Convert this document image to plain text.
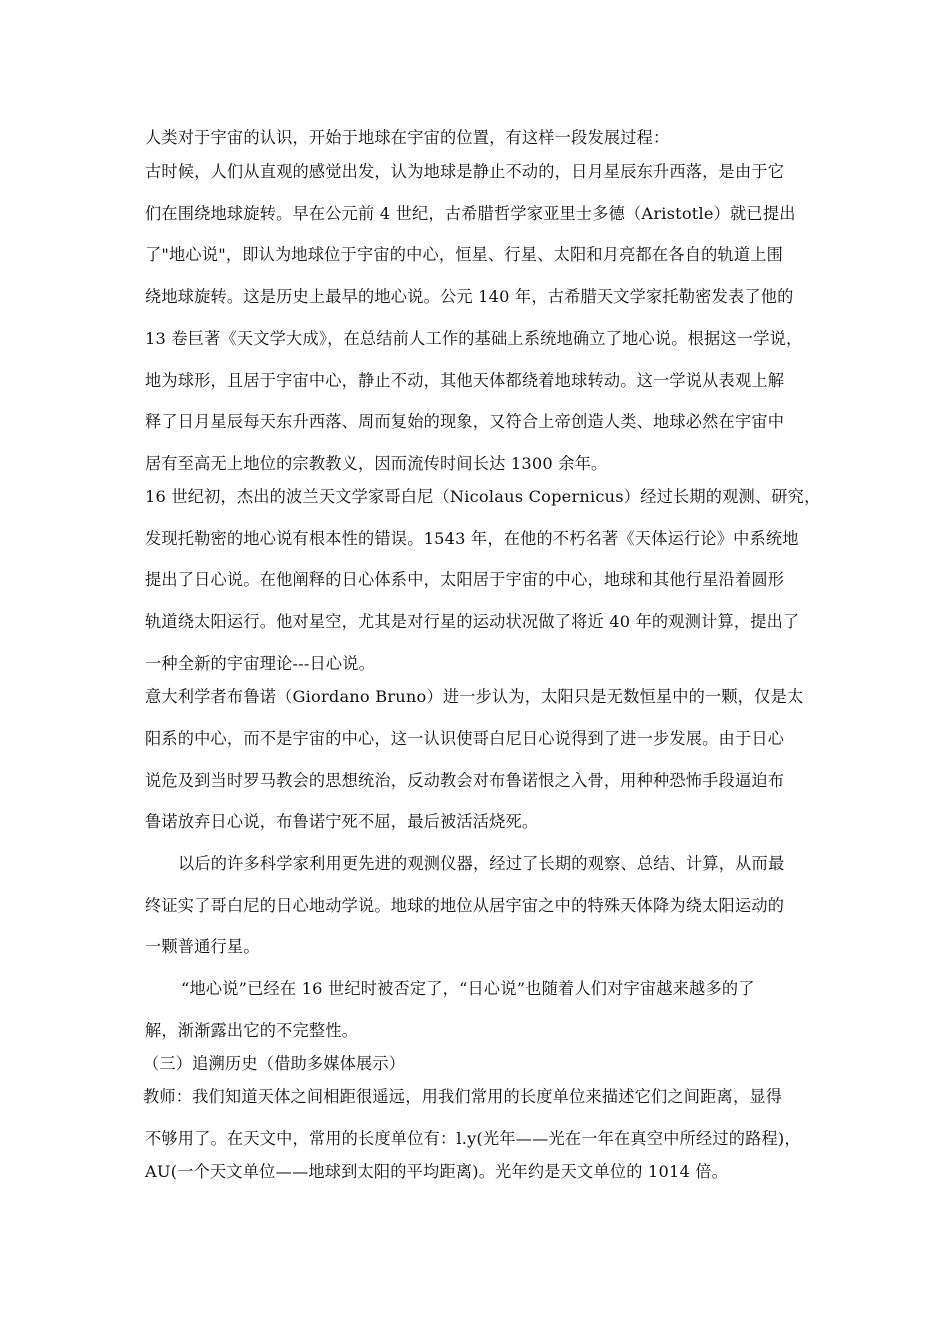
人类对于宇宙的认识，开始于地球在宇宙的位置，有这样一段发展过程：
古时候，人们从直观的感觉出发，认为地球是静止不动的，日月星辰东升西落，是由于它
们在围绕地球旋转。早在公元前 4 世纪，古希腊哲学家亚里士多德（Aristotle）就已提出
了"地心说"，即认为地球位于宇宙的中心，恒星、行星、太阳和月亮都在各自的轨道上围
绕地球旋转。这是历史上最早的地心说。公元 140 年，古希腊天文学家托勒密发表了他的
13 卷巨著《天文学大成》，在总结前人工作的基础上系统地确立了地心说。根据这一学说，
地为球形，且居于宇宙中心，静止不动，其他天体都绕着地球转动。这一学说从表观上解
释了日月星辰每天东升西落、周而复始的现象，又符合上帝创造人类、地球必然在宇宙中
居有至高无上地位的宗教教义，因而流传时间长达 1300 余年。
16 世纪初，杰出的波兰天文学家哥白尼（Nicolaus Copernicus）经过长期的观测、研究，
发现托勒密的地心说有根本性的错误。1543 年，在他的不朽名著《天体运行论》中系统地
提出了日心说。在他阐释的日心体系中，太阳居于宇宙的中心，地球和其他行星沿着圆形
轨道绕太阳运行。他对星空，尤其是对行星的运动状况做了将近 40 年的观测计算，提出了
一种全新的宇宙理论---日心说。
意大利学者布鲁诺（Giordano Bruno）进一步认为，太阳只是无数恒星中的一颗，仅是太
阳系的中心，而不是宇宙的中心，这一认识使哥白尼日心说得到了进一步发展。由于日心
说危及到当时罗马教会的思想统治，反动教会对布鲁诺恨之入骨，用种种恐怖手段逼迫布
鲁诺放弃日心说，布鲁诺宁死不屈，最后被活活烧死。
以后的许多科学家利用更先进的观测仪器，经过了长期的观察、总结、计算，从而最
终证实了哥白尼的日心地动学说。地球的地位从居宇宙之中的特殊天体降为绕太阳运动的
一颗普通行星。
“地心说”已经在 16 世纪时被否定了，“日心说”也随着人们对宇宙越来越多的了
解，渐渐露出它的不完整性。
（三）追溯历史（借助多媒体展示）
教师：我们知道天体之间相距很遥远，用我们常用的长度单位来描述它们之间距离，显得
不够用了。在天文中，常用的长度单位有：l.y(光年——光在一年在真空中所经过的路程)，
AU(一个天文单位——地球到太阳的平均距离)。光年约是天文单位的 1014 倍。
